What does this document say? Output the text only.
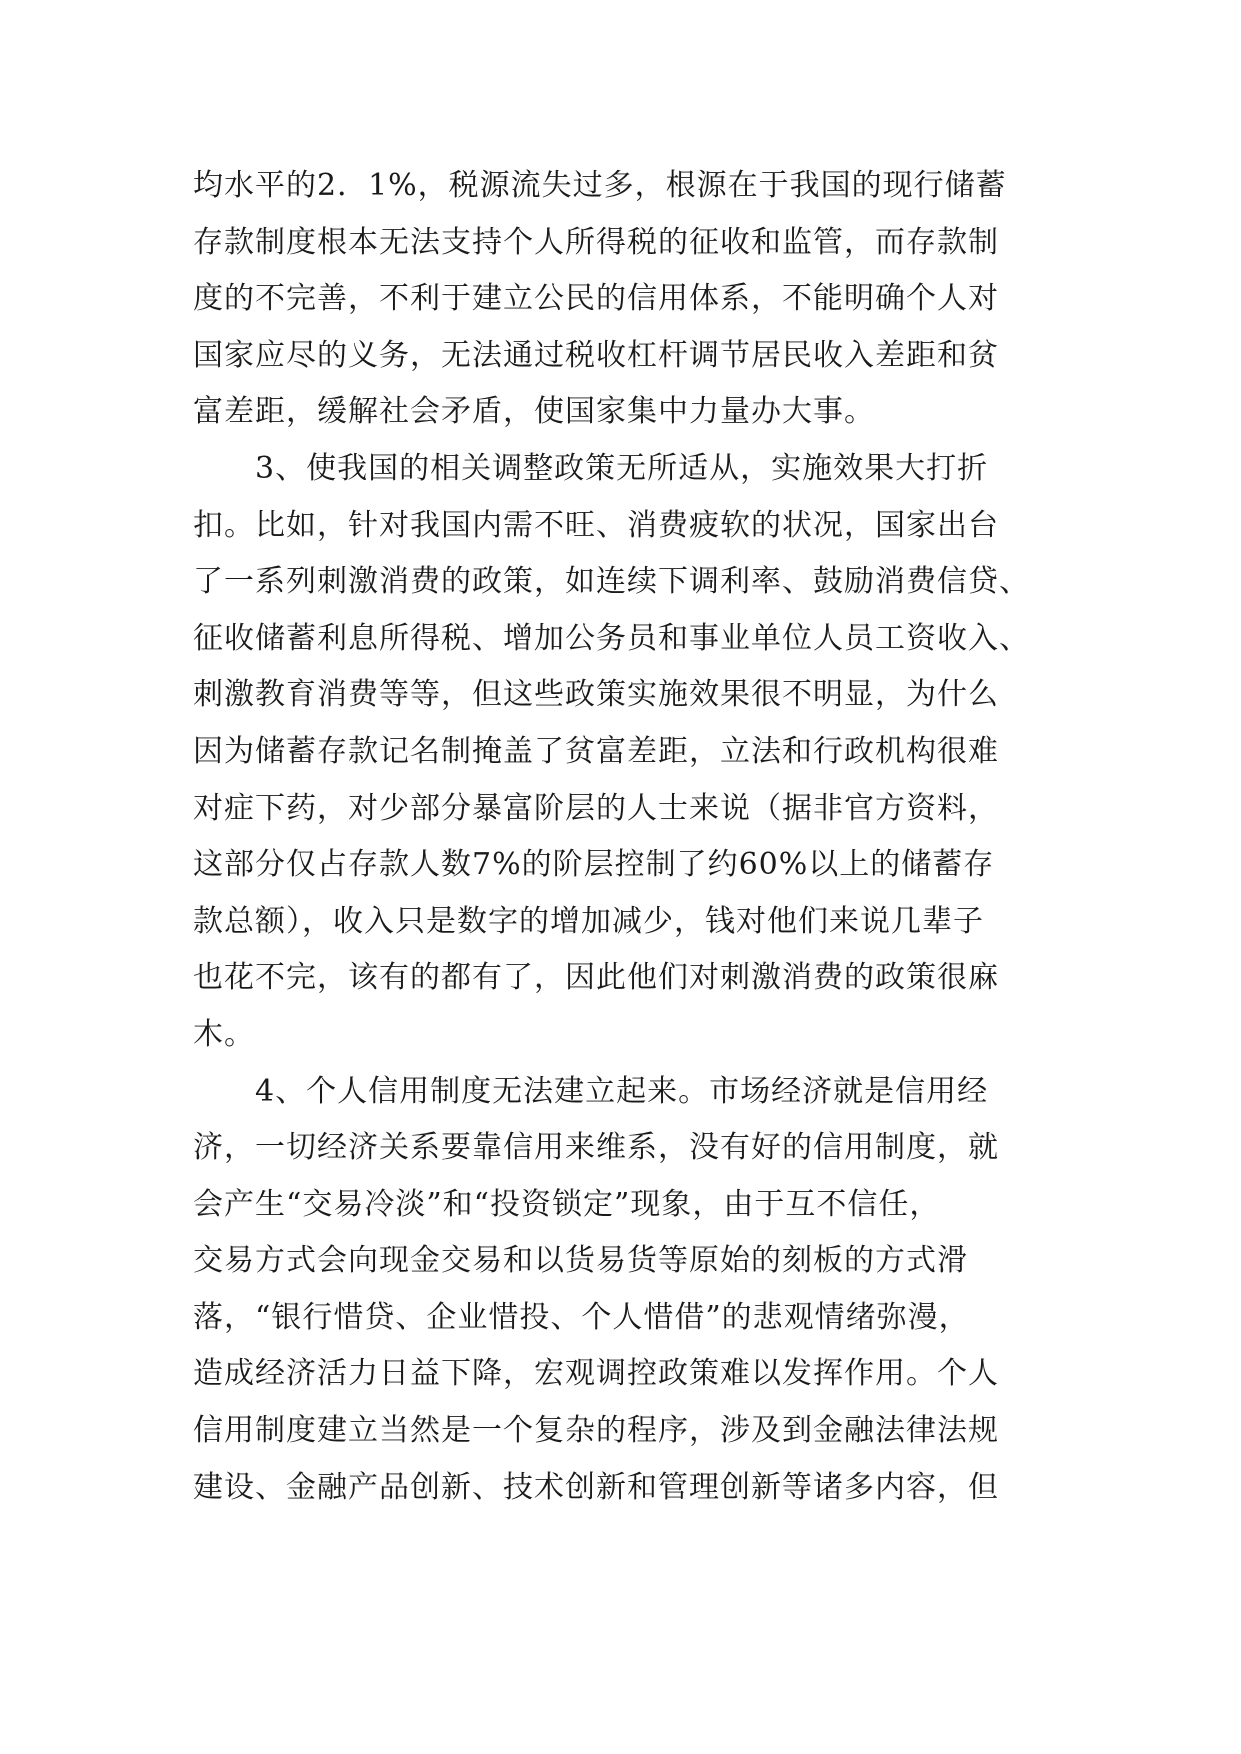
均水平的2．1%，税源流失过多，根源在于我国的现行储蓄
存款制度根本无法支持个人所得税的征收和监管，而存款制
度的不完善，不利于建立公民的信用体系，不能明确个人对
国家应尽的义务，无法通过税收杠杆调节居民收入差距和贫
富差距，缓解社会矛盾，使国家集中力量办大事。
　　3、使我国的相关调整政策无所适从，实施效果大打折
扣。比如，针对我国内需不旺、消费疲软的状况，国家出台
了一系列刺激消费的政策，如连续下调利率、鼓励消费信贷、
征收储蓄利息所得税、增加公务员和事业单位人员工资收入、
刺激教育消费等等，但这些政策实施效果很不明显，为什么
因为储蓄存款记名制掩盖了贫富差距，立法和行政机构很难
对症下药，对少部分暴富阶层的人士来说（据非官方资料，
这部分仅占存款人数7%的阶层控制了约60%以上的储蓄存
款总额），收入只是数字的增加减少，钱对他们来说几辈子
也花不完，该有的都有了，因此他们对刺激消费的政策很麻
木。
　　4、个人信用制度无法建立起来。市场经济就是信用经
济，一切经济关系要靠信用来维系，没有好的信用制度，就
会产生“交易冷淡”和“投资锁定”现象，由于互不信任，
交易方式会向现金交易和以货易货等原始的刻板的方式滑
落，“银行惜贷、企业惜投、个人惜借”的悲观情绪弥漫，
造成经济活力日益下降，宏观调控政策难以发挥作用。个人
信用制度建立当然是一个复杂的程序，涉及到金融法律法规
建设、金融产品创新、技术创新和管理创新等诸多内容，但
